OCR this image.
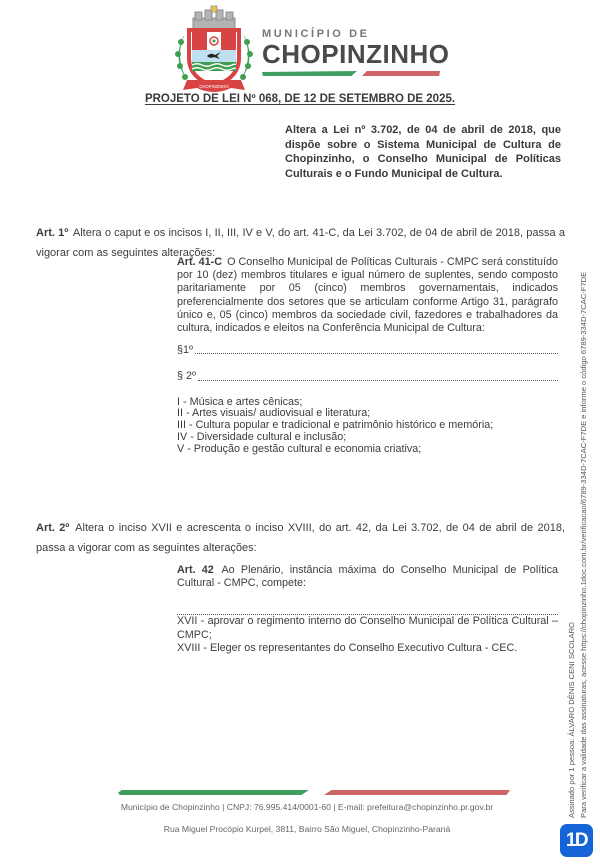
CHOPINZINHO
MUNICÍPIO DE
CHOPINZINHO
PROJETO DE LEI Nº 068, DE 12 DE SETEMBRO DE 2025.
Altera a Lei nº 3.702, de 04 de abril de 2018, que dispõe sobre o Sistema Municipal de Cultura de Chopinzinho, o Conselho Municipal de Políticas Culturais e o Fundo Municipal de Cultura.

Art. 1º Altera o caput e os incisos I, II, III, IV e V, do art. 41-C, da Lei 3.702, de 04 de abril de 2018, passa a vigorar com as seguintes alterações:

Art. 41-C O Conselho Municipal de Políticas Culturais - CMPC será constituído por 10 (dez) membros titulares e igual número de suplentes, sendo composto paritariamente por 05 (cinco) membros governamentais, indicados preferencialmente dos setores que se articulam conforme Artigo 31, parágrafo único e, 05 (cinco) membros da sociedade civil, fazedores e trabalhadores da cultura, indicados e eleitos na Conferência Municipal de Cultura:

§1º
§ 2º
I - Música e artes cênicas;
II - Artes visuais/ audiovisual e literatura;
III - Cultura popular e tradicional e patrimônio histórico e memória;
IV - Diversidade cultural e inclusão;
V - Produção e gestão cultural e economia criativa;

Art. 2º Altera o inciso XVII e acrescenta o inciso XVIII, do art. 42, da Lei 3.702, de 04 de abril de 2018, passa a vigorar com as seguintes alterações:

Art. 42 Ao Plenário, instância máxima do Conselho Municipal de Política Cultural - CMPC, compete:

XVII - aprovar o regimento interno do Conselho Municipal de Política Cultural – CMPC;

XVIII - Eleger os representantes do Conselho Executivo Cultura - CEC.

Município de Chopinzinho | CNPJ: 76.995.414/0001-60 | E-mail: prefeitura@chopinzinho.pr.gov.br
Rua Miguel Procópio Kurpel, 3811, Bairro São Miguel, Chopinzinho-Paraná
Assinado por 1 pessoa: ÁLVARO DÊNIS CENI SCOLARO Para verificar a validade das assinaturas, acesse https://chopinzinho.1doc.com.br/verificacao/6789-334D-7CAC-F7DE e informe o código 6789-334D-7CAC-F7DE
1D
